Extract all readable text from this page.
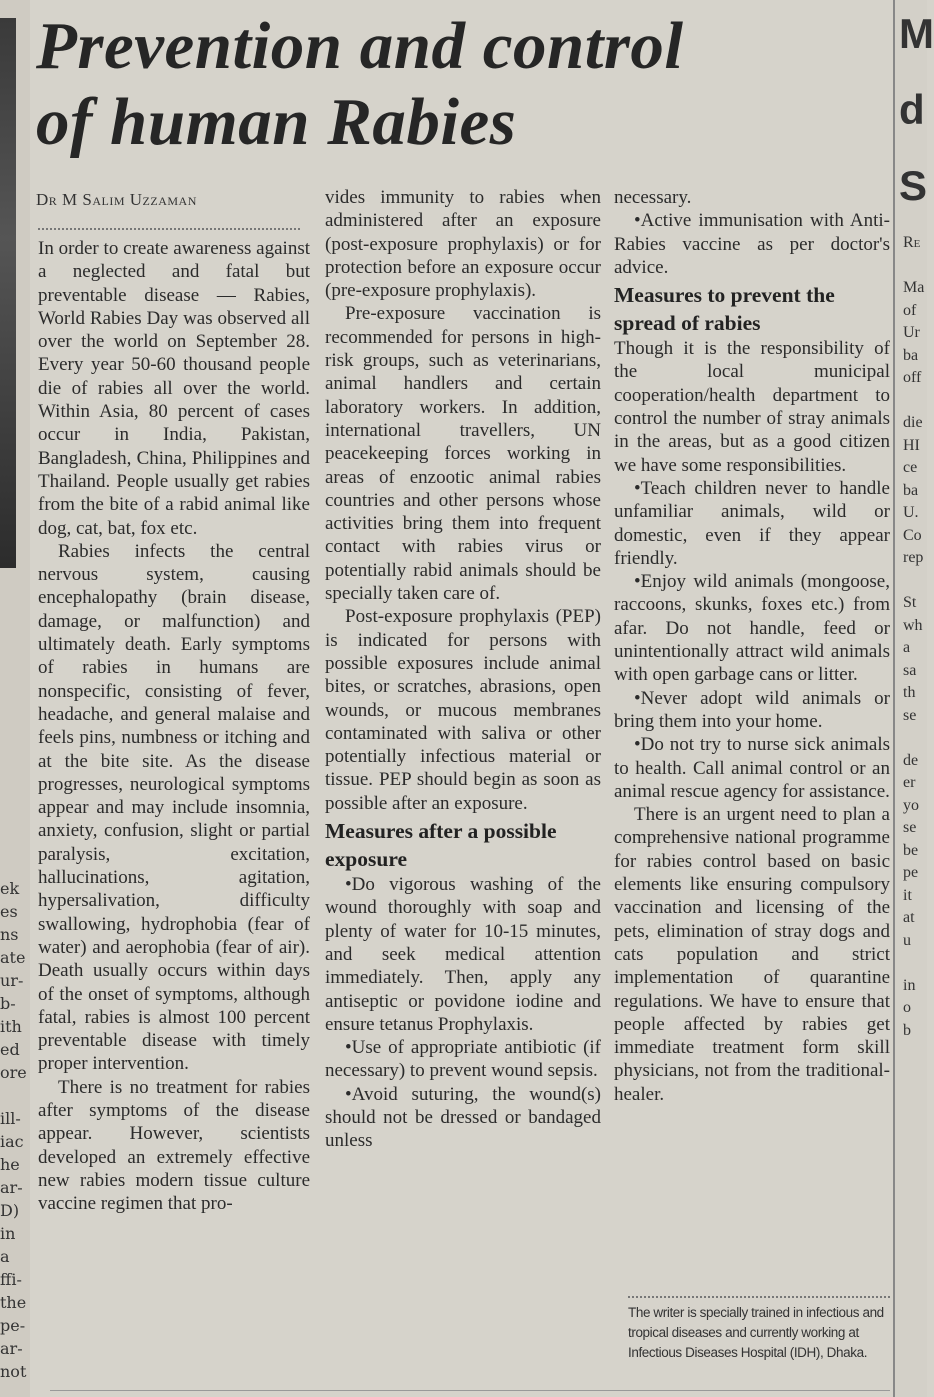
ek
es
ns
ate
ur-
b-
ith
ed
ore
ill-
iac
he
ar-
D)
in
a
ffi-
the
pe-
ar-
not
Prevention and control
of human Rabies
Dr M Salim Uzzaman

In order to create awareness against a neglected and fatal but preventable disease — Rabies, World Rabies Day was observed all over the world on September 28. Every year 50-60 thousand people die of rabies all over the world. Within Asia, 80 percent of cases occur in India, Pakistan, Bangladesh, China, Philippines and Thailand. People usually get rabies from the bite of a rabid animal like dog, cat, bat, fox etc.

Rabies infects the central nervous system, causing encephalopathy (brain disease, damage, or malfunction) and ultimately death. Early symptoms of rabies in humans are nonspecific, consisting of fever, headache, and general malaise and feels pins, numbness or itching and at the bite site. As the disease progresses, neurological symptoms appear and may include insomnia, anxiety, confusion, slight or partial paralysis, excitation, hallucinations, agitation, hypersalivation, difficulty swallowing, hydrophobia (fear of water) and aerophobia (fear of air). Death usually occurs within days of the onset of symptoms, although fatal, rabies is almost 100 percent preventable disease with timely proper intervention.

There is no treatment for rabies after symptoms of the disease appear. However, scientists developed an extremely effective new rabies modern tissue culture vaccine regimen that pro-

vides immunity to rabies when administered after an exposure (post-exposure prophylaxis) or for protection before an exposure occur (pre-exposure prophylaxis).

Pre-exposure vaccination is recommended for persons in high-risk groups, such as veterinarians, animal handlers and certain laboratory workers. In addition, international travellers, UN peacekeeping forces working in areas of enzootic animal rabies countries and other persons whose activities bring them into frequent contact with rabies virus or potentially rabid animals should be specially taken care of.

Post-exposure prophylaxis (PEP) is indicated for persons with possible exposures include animal bites, or scratches, abrasions, open wounds, or mucous membranes contaminated with saliva or other potentially infectious material or tissue. PEP should begin as soon as possible after an exposure.

Measures after a possible exposure

•Do vigorous washing of the wound thoroughly with soap and plenty of water for 10-15 minutes, and seek medical attention immediately. Then, apply any antiseptic or povidone iodine and ensure tetanus Prophylaxis.

•Use of appropriate antibiotic (if necessary) to prevent wound sepsis.

•Avoid suturing, the wound(s) should not be dressed or bandaged unless

necessary.

•Active immunisation with Anti-Rabies vaccine as per doctor's advice.

Measures to prevent the spread of rabies

Though it is the responsibility of the local municipal cooperation/health department to control the number of stray animals in the areas, but as a good citizen we have some responsibilities.

•Teach children never to handle unfamiliar animals, wild or domestic, even if they appear friendly.

•Enjoy wild animals (mongoose, raccoons, skunks, foxes etc.) from afar. Do not handle, feed or unintentionally attract wild animals with open garbage cans or litter.

•Never adopt wild animals or bring them into your home.

•Do not try to nurse sick animals to health. Call animal control or an animal rescue agency for assistance.

There is an urgent need to plan a comprehensive national programme for rabies control based on basic elements like ensuring compulsory vaccination and licensing of the pets, elimination of stray dogs and cats population and strict implementation of quarantine regulations. We have to ensure that people affected by rabies get immediate treatment form skill physicians, not from the traditional-healer.

The writer is specially trained in infectious and tropical diseases and currently working at Infectious Diseases Hospital (IDH), Dhaka.
M
d
S
Re
Ma
of
Ur
ba
off
die
HI
ce
ba
U.
Co
rep
St
wh
a
sa
th
se
de
er
yo
se
be
pe
it
at
u
in
o
b
